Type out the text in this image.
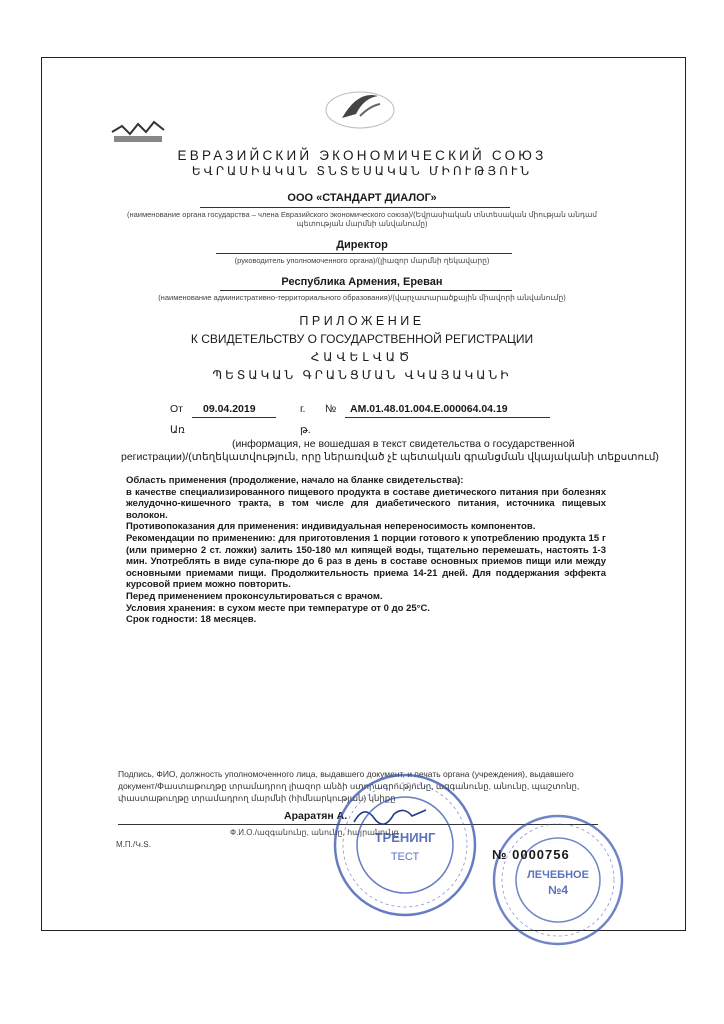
ЕВРАЗИЙСКИЙ ЭКОНОМИЧЕСКИЙ СОЮЗ
ԵՎՐԱՍԻԱԿԱՆ ՏՆՏԵՍԱԿԱՆ ՄԻՈՒԹՅՈՒՆ
ООО «СТАНДАРТ ДИАЛОГ»
(наименование органа государства – члена Евразийского экономического союза)/(Եվրասիական տնտեսական միության անդամ պետության մարմնի անվանումը)
Директор
(руководитель уполномоченного органа)/(լիազոր մարմնի ղեկավարը)
Республика Армения, Ереван
(наименование административно-территориального образования)/(վարչատարածքային միավորի անվանումը)
ПРИЛОЖЕНИЕ
К СВИДЕТЕЛЬСТВУ О ГОСУДАРСТВЕННОЙ РЕГИСТРАЦИИ
ՀԱՎԵԼՎԱԾ
ՊԵՏԱԿԱՆ ԳՐԱՆՑՄԱՆ ՎԿԱՅԱԿԱՆԻ
От 09.04.2019	г. № AM.01.48.01.004.E.000064.04.19
Առ	թ.
(информация, не вошедшая в текст свидетельства о государственной
регистрации)/(տեղեկատվություն, որը ներառված չէ պետական գրանցման վկայականի տեքստում)

Область применения (продолжение, начало на бланке свидетельства):

в качестве специализированного пищевого продукта в составе диетического питания при болезнях желудочно-кишечного тракта, в том числе для диабетического питания, источника пищевых волокон.

Противопоказания для применения: индивидуальная непереносимость компонентов.

Рекомендации по применению: для приготовления 1 порции готового к употреблению продукта 15 г (или примерно 2 ст. ложки) залить 150-180 мл кипящей воды, тщательно перемешать, настоять 1-3 мин. Употреблять в виде супа-пюре до 6 раз в день в составе основных приемов пищи или между основными приемами пищи. Продолжительность приема 14-21 дней. Для поддержания эффекта курсовой прием можно повторить.

Перед применением проконсультироваться с врачом.

Условия хранения: в сухом месте при температуре от 0 до 25°C.

Срок годности: 18 месяцев.

Подпись, ФИО, должность уполномоченного лица, выдавшего документ, и печать органа (учреждения), выдавшего документ/Փաստաթուղթը տրամադրող լիազոր անձի ստորագրությունը, ազգանունը, անունը, պաշտոնը, փաստաթուղթը տրամադրող մարմնի (հիմնարկության) կնիքը
Араратян А.
Ф.И.О./ազգանունը, անունը, հայրանունը
М.П./Կ.Տ.	ТРЕНИНГ
ТЕСТ
ЛЕЧЕБНОЕ
№4
№ 0000756
